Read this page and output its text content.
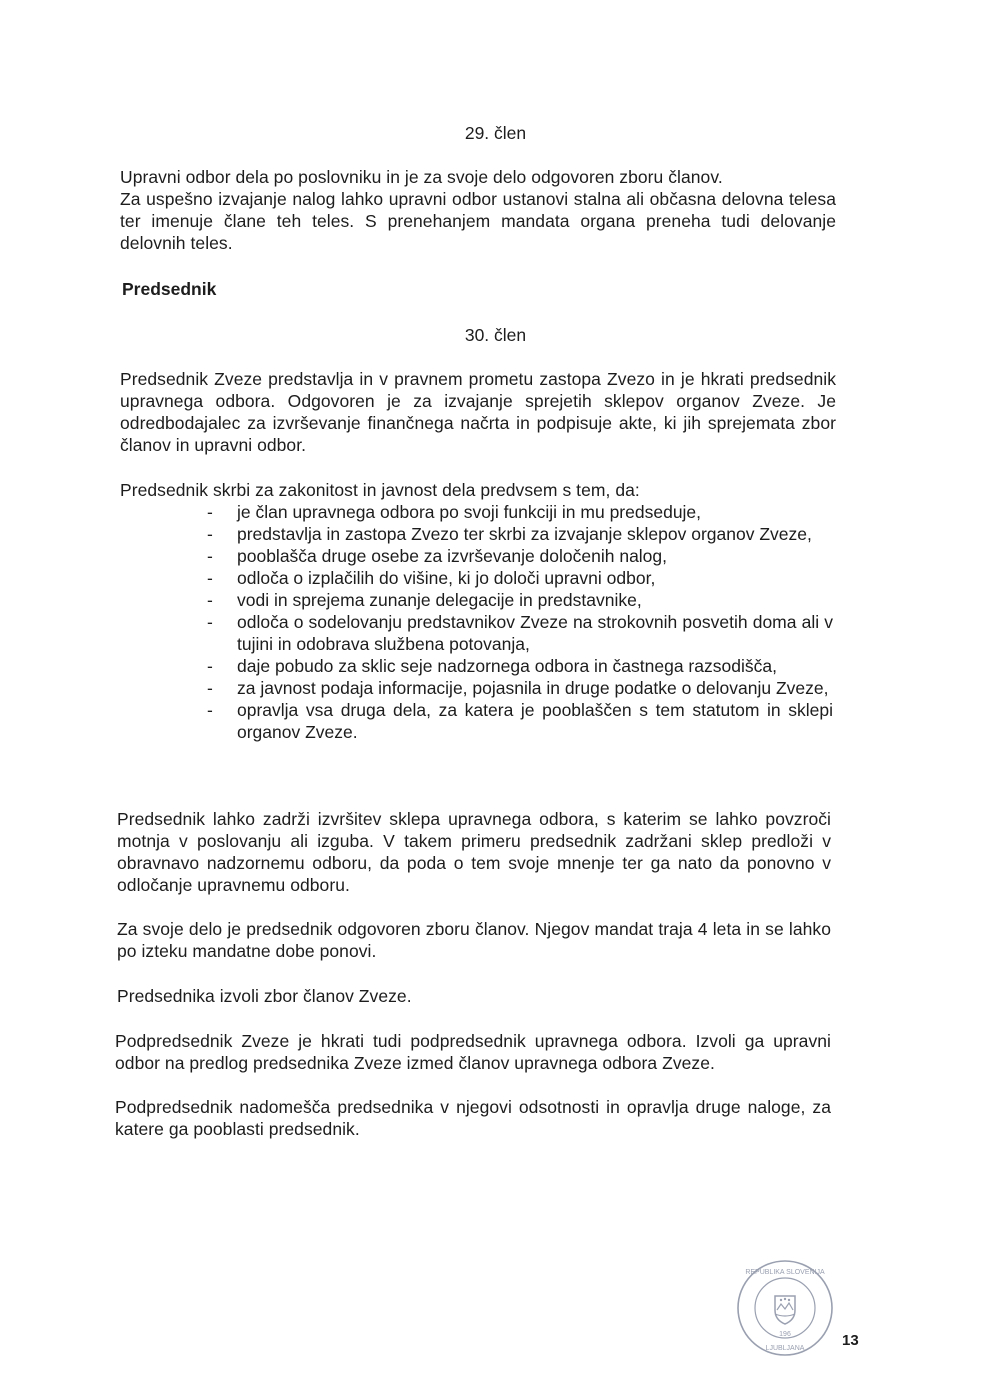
29. člen
Upravni odbor dela po poslovniku in je za svoje delo odgovoren zboru članov.
Za uspešno izvajanje nalog lahko upravni odbor ustanovi stalna ali občasna delovna telesa ter imenuje člane teh teles. S prenehanjem mandata organa preneha tudi delovanje delovnih teles.
Predsednik
30. člen
Predsednik Zveze predstavlja in v pravnem prometu zastopa Zvezo in je hkrati predsednik upravnega odbora. Odgovoren je za izvajanje sprejetih sklepov organov Zveze. Je odredbodajalec za izvrševanje finančnega načrta in podpisuje akte, ki jih sprejemata zbor članov in upravni odbor.
Predsednik skrbi za zakonitost in javnost dela predvsem s tem, da:
- je član upravnega odbora po svoji funkciji in mu predseduje,
- predstavlja in zastopa Zvezo ter skrbi za izvajanje sklepov organov Zveze,
- pooblašča druge osebe za izvrševanje določenih nalog,
- odloča o izplačilih do višine, ki jo določi upravni odbor,
- vodi in sprejema zunanje delegacije in predstavnike,
- odloča o sodelovanju predstavnikov Zveze na strokovnih posvetih doma ali v tujini in odobrava službena potovanja,
- daje pobudo za sklic seje nadzornega odbora in častnega razsodišča,
- za javnost podaja informacije, pojasnila in druge podatke o delovanju Zveze,
- opravlja vsa druga dela, za katera je pooblaščen s tem statutom in sklepi organov Zveze.
Predsednik lahko zadrži izvršitev sklepa upravnega odbora, s katerim se lahko povzroči motnja v poslovanju ali izguba. V takem primeru predsednik zadržani sklep predloži v obravnavo nadzornemu odboru, da poda o tem svoje mnenje ter ga nato da ponovno v odločanje upravnemu odboru.
Za svoje delo je predsednik odgovoren zboru članov. Njegov mandat traja 4 leta in se lahko po izteku mandatne dobe ponovi.
Predsednika izvoli zbor članov Zveze.
Podpredsednik Zveze je hkrati tudi podpredsednik upravnega odbora. Izvoli ga upravni odbor na predlog predsednika Zveze izmed članov upravnega odbora Zveze.
Podpredsednik nadomešča predsednika v njegovi odsotnosti in opravlja druge naloge, za katere ga pooblasti predsednik.
REPUBLIKA SLOVENIJA
196
LJUBLJANA	13
